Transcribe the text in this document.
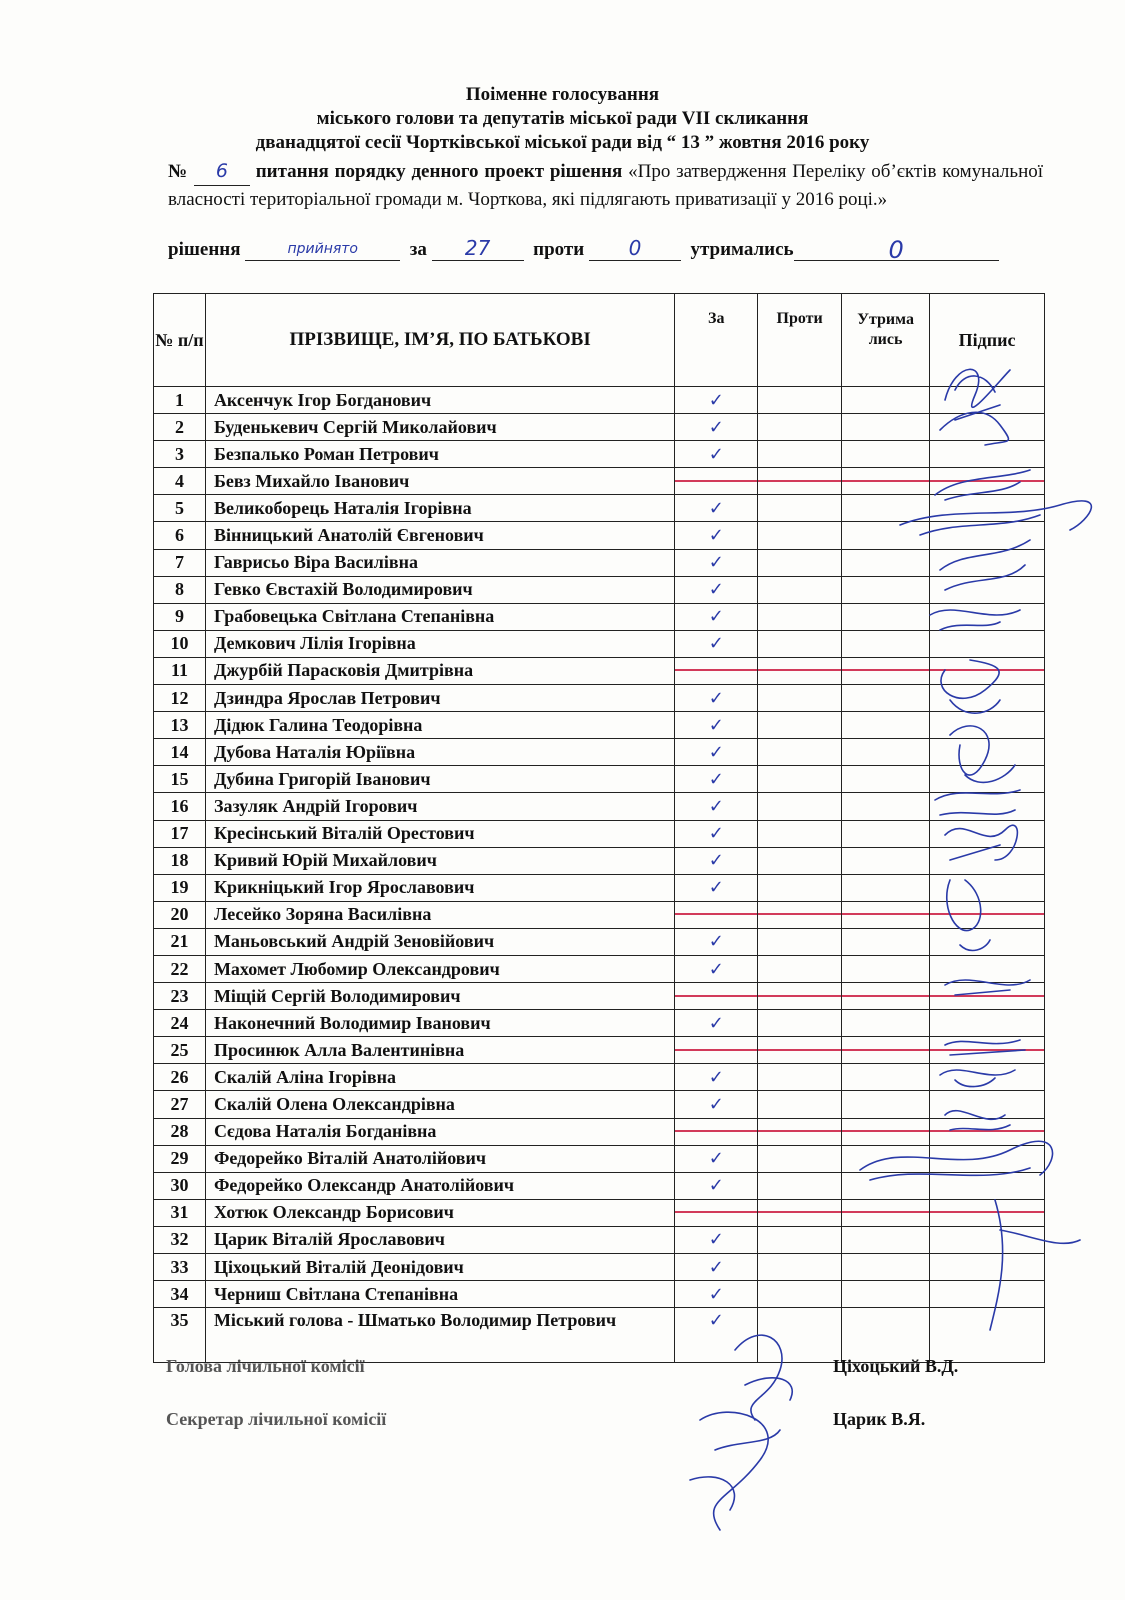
Поіменне голосування
міського голови та депутатів міської ради VII скликання
дванадцятої сесії Чортківської міської ради від “ 13 ” жовтня 2016 року
№ 6 питання порядку денного проект рішення «Про затвердження Переліку об’єктів комунальної власності територіальної громади м. Чорткова, які підлягають приватизації у 2016 році.»
рішення	прийнято	за 27 проти 0	утримались	0
№ п/п	ПРІЗВИЩЕ, ІМ’Я, ПО БАТЬКОВІ	За	Проти	Утрима лись	Підпис
1	Аксенчук Ігор Богданович	✓			
2	Буденькевич Сергій Миколайович	✓			
3	Безпалько Роман Петрович	✓			
4	Бевз Михайло Іванович				
5	Великоборець Наталія Ігорівна	✓			
6	Вінницький Анатолій Євгенович	✓			
7	Гаврисьо Віра Василівна	✓			
8	Гевко Євстахій Володимирович	✓			
9	Грабовецька Світлана Степанівна	✓			
10	Демкович Лілія Ігорівна	✓			
11	Джурбій Парасковія Дмитрівна				
12	Дзиндра Ярослав Петрович	✓			
13	Дідюк Галина Теодорівна	✓			
14	Дубова Наталія Юріївна	✓			
15	Дубина Григорій Іванович	✓			
16	Зазуляк Андрій Ігорович	✓			
17	Кресінський Віталій Орестович	✓			
18	Кривий Юрій Михайлович	✓			
19	Крикніцький Ігор Ярославович	✓			
20	Лесейко Зоряна Василівна				
21	Маньовський Андрій Зеновійович	✓			
22	Махомет Любомир Олександрович	✓			
23	Міщій Сергій Володимирович				
24	Наконечний Володимир Іванович	✓			
25	Просинюк Алла Валентинівна				
26	Скалій Аліна Ігорівна	✓			
27	Скалій Олена Олександрівна	✓			
28	Сєдова Наталія Богданівна				
29	Федорейко Віталій Анатолійович	✓			
30	Федорейко Олександр Анатолійович	✓			
31	Хотюк Олександр Борисович				
32	Царик Віталій Ярославович	✓			
33	Ціхоцький Віталій Деонідович	✓			
34	Черниш Світлана Степанівна	✓			
35	Міський голова - Шматько Володимир Петрович	✓			
Голова лічильної комісії	Ціхоцький В.Д.
Секретар лічильної комісії	Царик В.Я.
